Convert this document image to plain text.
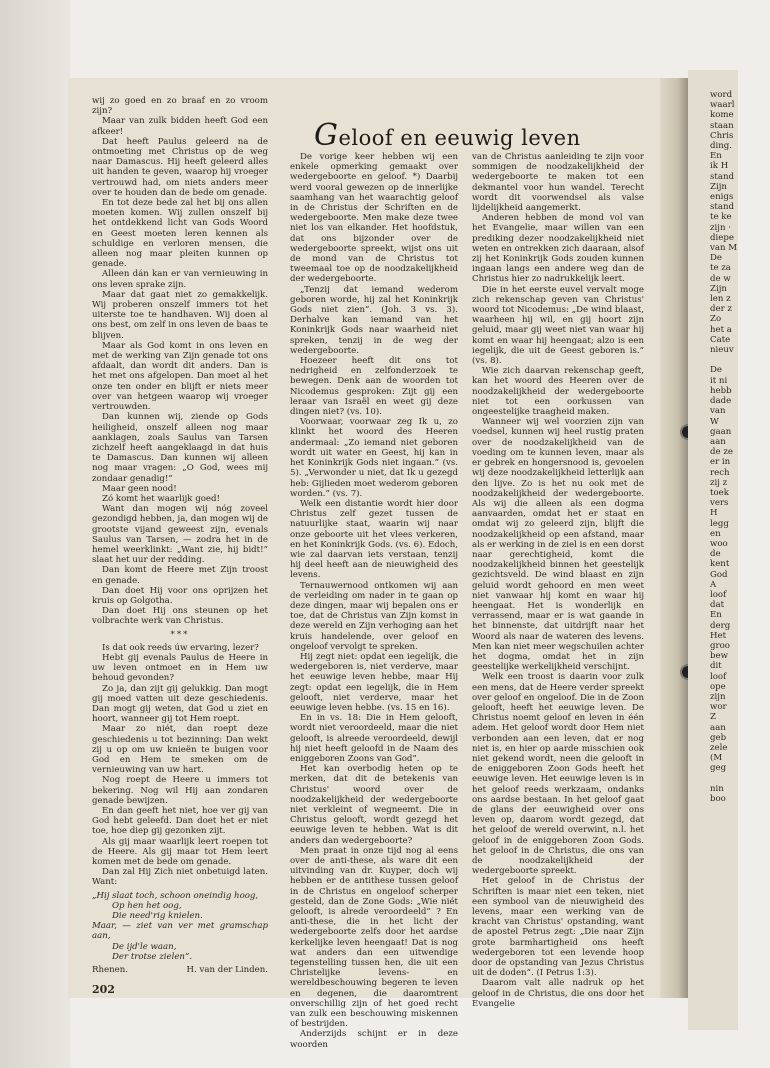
wij zo goed en zo braaf en zo vroom zijn?

Maar van zulk bidden heeft God een afkeer!

Dat heeft Paulus geleerd na de ontmoeting met Christus op de weg naar Damascus. Hij heeft geleerd alles uit handen te geven, waarop hij vroeger vertrouwd had, om niets anders meer over te houden dan de bede om genade.

En tot deze bede zal het bij ons allen moeten komen. Wij zullen onszelf bij het ontdekkend licht van Gods Woord en Geest moeten leren kennen als schuldige en verloren mensen, die alleen nog maar pleiten kunnen op genade.

Alleen dán kan er van vernieuwing in ons leven sprake zijn.

Maar dat gaat niet zo gemakkelijk. Wij proberen onszelf immers tot het uiterste toe te handhaven. Wij doen al ons best, om zelf in ons leven de baas te blijven.

Maar als God komt in ons leven en met de werking van Zijn genade tot ons afdaalt, dan wordt dit anders. Dan is het met ons afgelopen. Dan moet al het onze ten onder en blijft er niets meer over van hetgeen waarop wij vroeger vertrouwden.

Dan kunnen wij, ziende op Gods heiligheid, onszelf alleen nog maar aanklagen, zoals Saulus van Tarsen zichzelf heeft aangeklaagd in dat huis te Damascus. Dan kunnen wij alleen nog maar vragen: „O God, wees mij zondaar genadig!”

Maar geen nood!

Zó komt het waarlijk goed!

Want dan mogen wij nóg zoveel gezondigd hebben, ja, dan mogen wij de grootste vijand geweest zijn, evenals Saulus van Tarsen, — zodra het in de hemel weerklinkt: „Want zie, hij bidt!” slaat het uur der redding.

Dan komt de Heere met Zijn troost en genade.

Dan doet Hij voor ons oprijzen het kruis op Golgotha.

Dan doet Hij ons steunen op het volbrachte werk van Christus.

***

Is dat ook reeds úw ervaring, lezer?

Hebt gij evenals Paulus de Heere in uw leven ontmoet en in Hem uw behoud gevonden?

Zo ja, dan zijt gij gelukkig. Dan mogt gij moed vatten uit deze geschiedenis. Dan mogt gij weten, dat God u ziet en hoort, wanneer gij tot Hem roept.

Maar zo niét, dan roept deze geschiedenis u tot bezinning: Dan wekt zij u op om uw knieën te buigen voor God en Hem te smeken om de vernieuwing van uw hart.

Nog roept de Heere u immers tot bekering. Nog wil Hij aan zondaren genade bewijzen.

En dan geeft het niet, hoe ver gij van God hebt geleefd. Dan doet het er niet toe, hoe diep gij gezonken zijt.

Als gij maar waarlijk leert roepen tot de Heere. Als gij maar tot Hem leert komen met de bede om genade.

Dan zal Hij Zich niet onbetuigd laten. Want:

„Hij slaat toch, schoon oneindig hoog,

Op hen het oog,

Die need'rig knielen.

Maar, — ziet van ver met gramschap aan,

De ijd'le waan,

Der trotse zielen”.

Rhenen.	H. van der Linden.
Geloof en eeuwig leven

De vorige keer hebben wij een enkele opmerking gemaakt over wedergeboorte en geloof. *) Daarbij werd vooral gewezen op de innerlijke saamhang van het waarachtig geloof in de Christus der Schriften en de wedergeboorte. Men make deze twee niet los van elkander. Het hoofdstuk, dat ons bijzonder over de wedergeboorte spreekt, wijst ons uit de mond van de Christus tot tweemaal toe op de noodzakelijkheid der wedergeboorte.

„Tenzij dat iemand wederom geboren worde, hij zal het Koninkrijk Gods niet zien”. (Joh. 3 vs. 3). Derhalve kan iemand van het Koninkrijk Gods naar waarheid niet spreken, tenzij in de weg der wedergeboorte.

Hoezeer heeft dit ons tot nedrigheid en zelfonderzoek te bewegen. Denk aan de woorden tot Nicodemus gesproken: Zijt gij een leraar van Israël en weet gij deze dingen niet? (vs. 10).

Voorwaar, voorwaar zeg Ik u, zo klinkt het woord des Heeren andermaal: „Zo iemand niet geboren wordt uit water en Geest, hij kan in het Koninkrijk Gods niet ingaan.” (vs. 5). „Verwonder u niet, dat Ik u gezegd heb: Gijlieden moet wederom geboren worden.” (vs. 7).

Welk een distantie wordt hier door Christus zelf gezet tussen de natuurlijke staat, waarin wij naar onze geboorte uit het vlees verkeren, en het Koninkrijk Gods. (vs. 6). Edoch, wie zal daarvan iets verstaan, tenzij hij deel heeft aan de nieuwigheid des levens.

Ternauwernood ontkomen wij aan de verleiding om nader in te gaan op deze dingen, maar wij bepalen ons er toe, dat de Christus van Zijn komst in deze wereld en Zijn verhoging aan het kruis handelende, over geloof en ongeloof vervolgt te spreken.

Hij zegt niet: opdat een iegelijk, die wedergeboren is, niet verderve, maar het eeuwige leven hebbe, maar Hij zegt: opdat een iegelijk, die in Hem gelooft, niet verderve, maar het eeuwige leven hebbe. (vs. 15 en 16).

En in vs. 18: Die in Hem gelooft, wordt niet veroordeeld, maar die niet gelooft, is alreede veroordeeld, dewijl hij niet heeft geloofd in de Naam des eniggeboren Zoons van God”.

Het kan overbodig heten op te merken, dat dit de betekenis van Christus' woord over de noodzakelijkheid der wedergeboorte niet verkleint of wegneemt. Die in Christus gelooft, wordt gezegd het eeuwige leven te hebben. Wat is dit anders dan wedergeboorte?

Men praat in onze tijd nog al eens over de anti-these, als ware dit een uitvinding van dr. Kuyper, doch wij hebben er de antithese tussen geloof in de Christus en ongeloof scherper gesteld, dan de Zone Gods: „Wie niét gelooft, is alrede veroordeeld” ? En anti-these, die in het licht der wedergeboorte zelfs door het aardse kerkelijke leven heengaat! Dat is nog wat anders dan een uitwendige tegenstelling tussen hen, die uit een Christelijke levens- en wereldbeschouwing begeren te leven en degenen, die daaromtrent onverschillig zijn of het goed recht van zulk een beschouwing miskennen of bestrijden.

Anderzijds schijnt er in deze woorden

van de Christus aanleiding te zijn voor sommigen de noodzakelijkheid der wedergeboorte te maken tot een dekmantel voor hun wandel. Terecht wordt dit voorwendsel als valse lijdelijkheid aangemerkt.

Anderen hebben de mond vol van het Evangelie, maar willen van een prediking dezer noodzakelijkheid niet weten en ontrekken zich daaraan, alsof zij het Koninkrijk Gods zouden kunnen ingaan langs een andere weg dan de Christus hier zo nadrukkelijk leert.

Die in het eerste euvel vervalt moge zich rekenschap geven van Christus' woord tot Nicodemus: „De wind blaast, waarheen hij wil, en gij hoort zijn geluid, maar gij weet niet van waar hij komt en waar hij heengaat; alzo is een iegelijk, die uit de Geest geboren is.” (vs. 8).

Wie zich daarvan rekenschap geeft, kan het woord des Heeren over de noodzakelijkheid der wedergeboorte niet tot een oorkussen van ongeestelijke traagheid maken.

Wanneer wij wel voorzien zijn van voedsel, kunnen wij heel rustig praten over de noodzakelijkheid van de voeding om te kunnen leven, maar als er gebrek en hongersnood is, gevoelen wij deze noodzakelijkheid letterlijk aan den lijve. Zo is het nu ook met de noodzakelijkheid der wedergeboorte. Als wij die alleen als een dogma aanvaarden, omdat het er staat en omdat wij zo geleerd zijn, blijft die noodzakelijkheid op een afstand, maar als er werking in de ziel is en een dorst naar gerechtigheid, komt die noodzakelijkheid binnen het geestelijk gezichtsveld. De wind blaast en zijn geluid wordt gehoord en men weet niet vanwaar hij komt en waar hij heengaat. Het is wonderlijk en verrassend, maar er is wat gaande in het binnenste, dat uitdrijft naar het Woord als naar de wateren des levens. Men kan niet meer wegschuilen achter het dogma, omdat het in zijn geestelijke werkelijkheid verschijnt.

Welk een troost is daarin voor zulk een mens, dat de Heere verder spreekt over geloof en ongeloof. Die in de Zoon gelooft, heeft het eeuwige leven. De Christus noemt geloof en leven in één adem. Het geloof wordt door Hem niet verbonden aan een leven, dat er nog niet is, en hier op aarde misschien ook niet gekend wordt, neen die gelooft in de eniggeboren Zoon Gods heeft het eeuwige leven. Het eeuwige leven is in het geloof reeds werkzaam, ondanks ons aardse bestaan. In het geloof gaat de glans der eeuwigheid over ons leven op, daarom wordt gezegd, dat het geloof de wereld overwint, n.l. het geloof in de eniggeboren Zoon Gods. het geloof in de Christus, die ons van de noodzakelijkheid der wedergeboorte spreekt.

Het geloof in de Christus der Schriften is maar niet een teken, niet een symbool van de nieuwigheid des levens, maar een werking van de kracht van Christus' opstanding, want de apostel Petrus zegt: „Die naar Zijn grote barmhartigheid ons heeft wedergeboren tot een levende hoop door de opstanding van Jezus Christus uit de doden”. (I Petrus 1:3).

Daarom valt alle nadruk op het geloof in de Christus, die ons door het Evangelie

202

word

waarl

kome

staan

Chris

ding.

En

ik H

stand

Zijn

enigs

stand

te ke

zijn ·

diepe

van M

De

te za

de w

Zijn

len z

der z

Zo

het a

Cate

nieuv

De

it ni

hebb

dade

van

W

gaan

aan

de ze

er in

rech

zij z

toek

vers

H

legg

en

woo

de

kent

God

A

loof

dat

En

derg

Het

groo

bew

dit

loof

ope

zijn

wor

Z

aan

geb

zele

(M

geg

nin

boo
